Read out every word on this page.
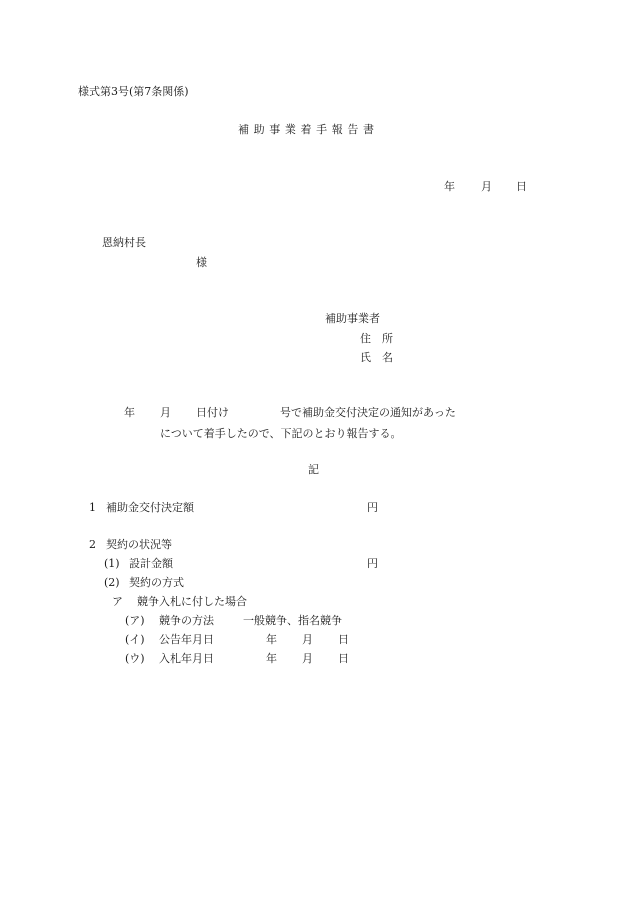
様式第3号(第7条関係)
補助事業着手報告書
年 月 日
恩納村長
様
補助事業者
住　所
氏　名
年 月 日付け	号で補助金交付決定の通知があった
について着手したので、下記のとおり報告する。
記
1 補助金交付決定額	円
2 契約の状況等
(1) 設計金額	円
(2) 契約の方式
ア 競争入札に付した場合
(ア) 競争の方法	一般競争、指名競争
(イ) 公告年月日	年 月 日
(ウ) 入札年月日	年 月 日
